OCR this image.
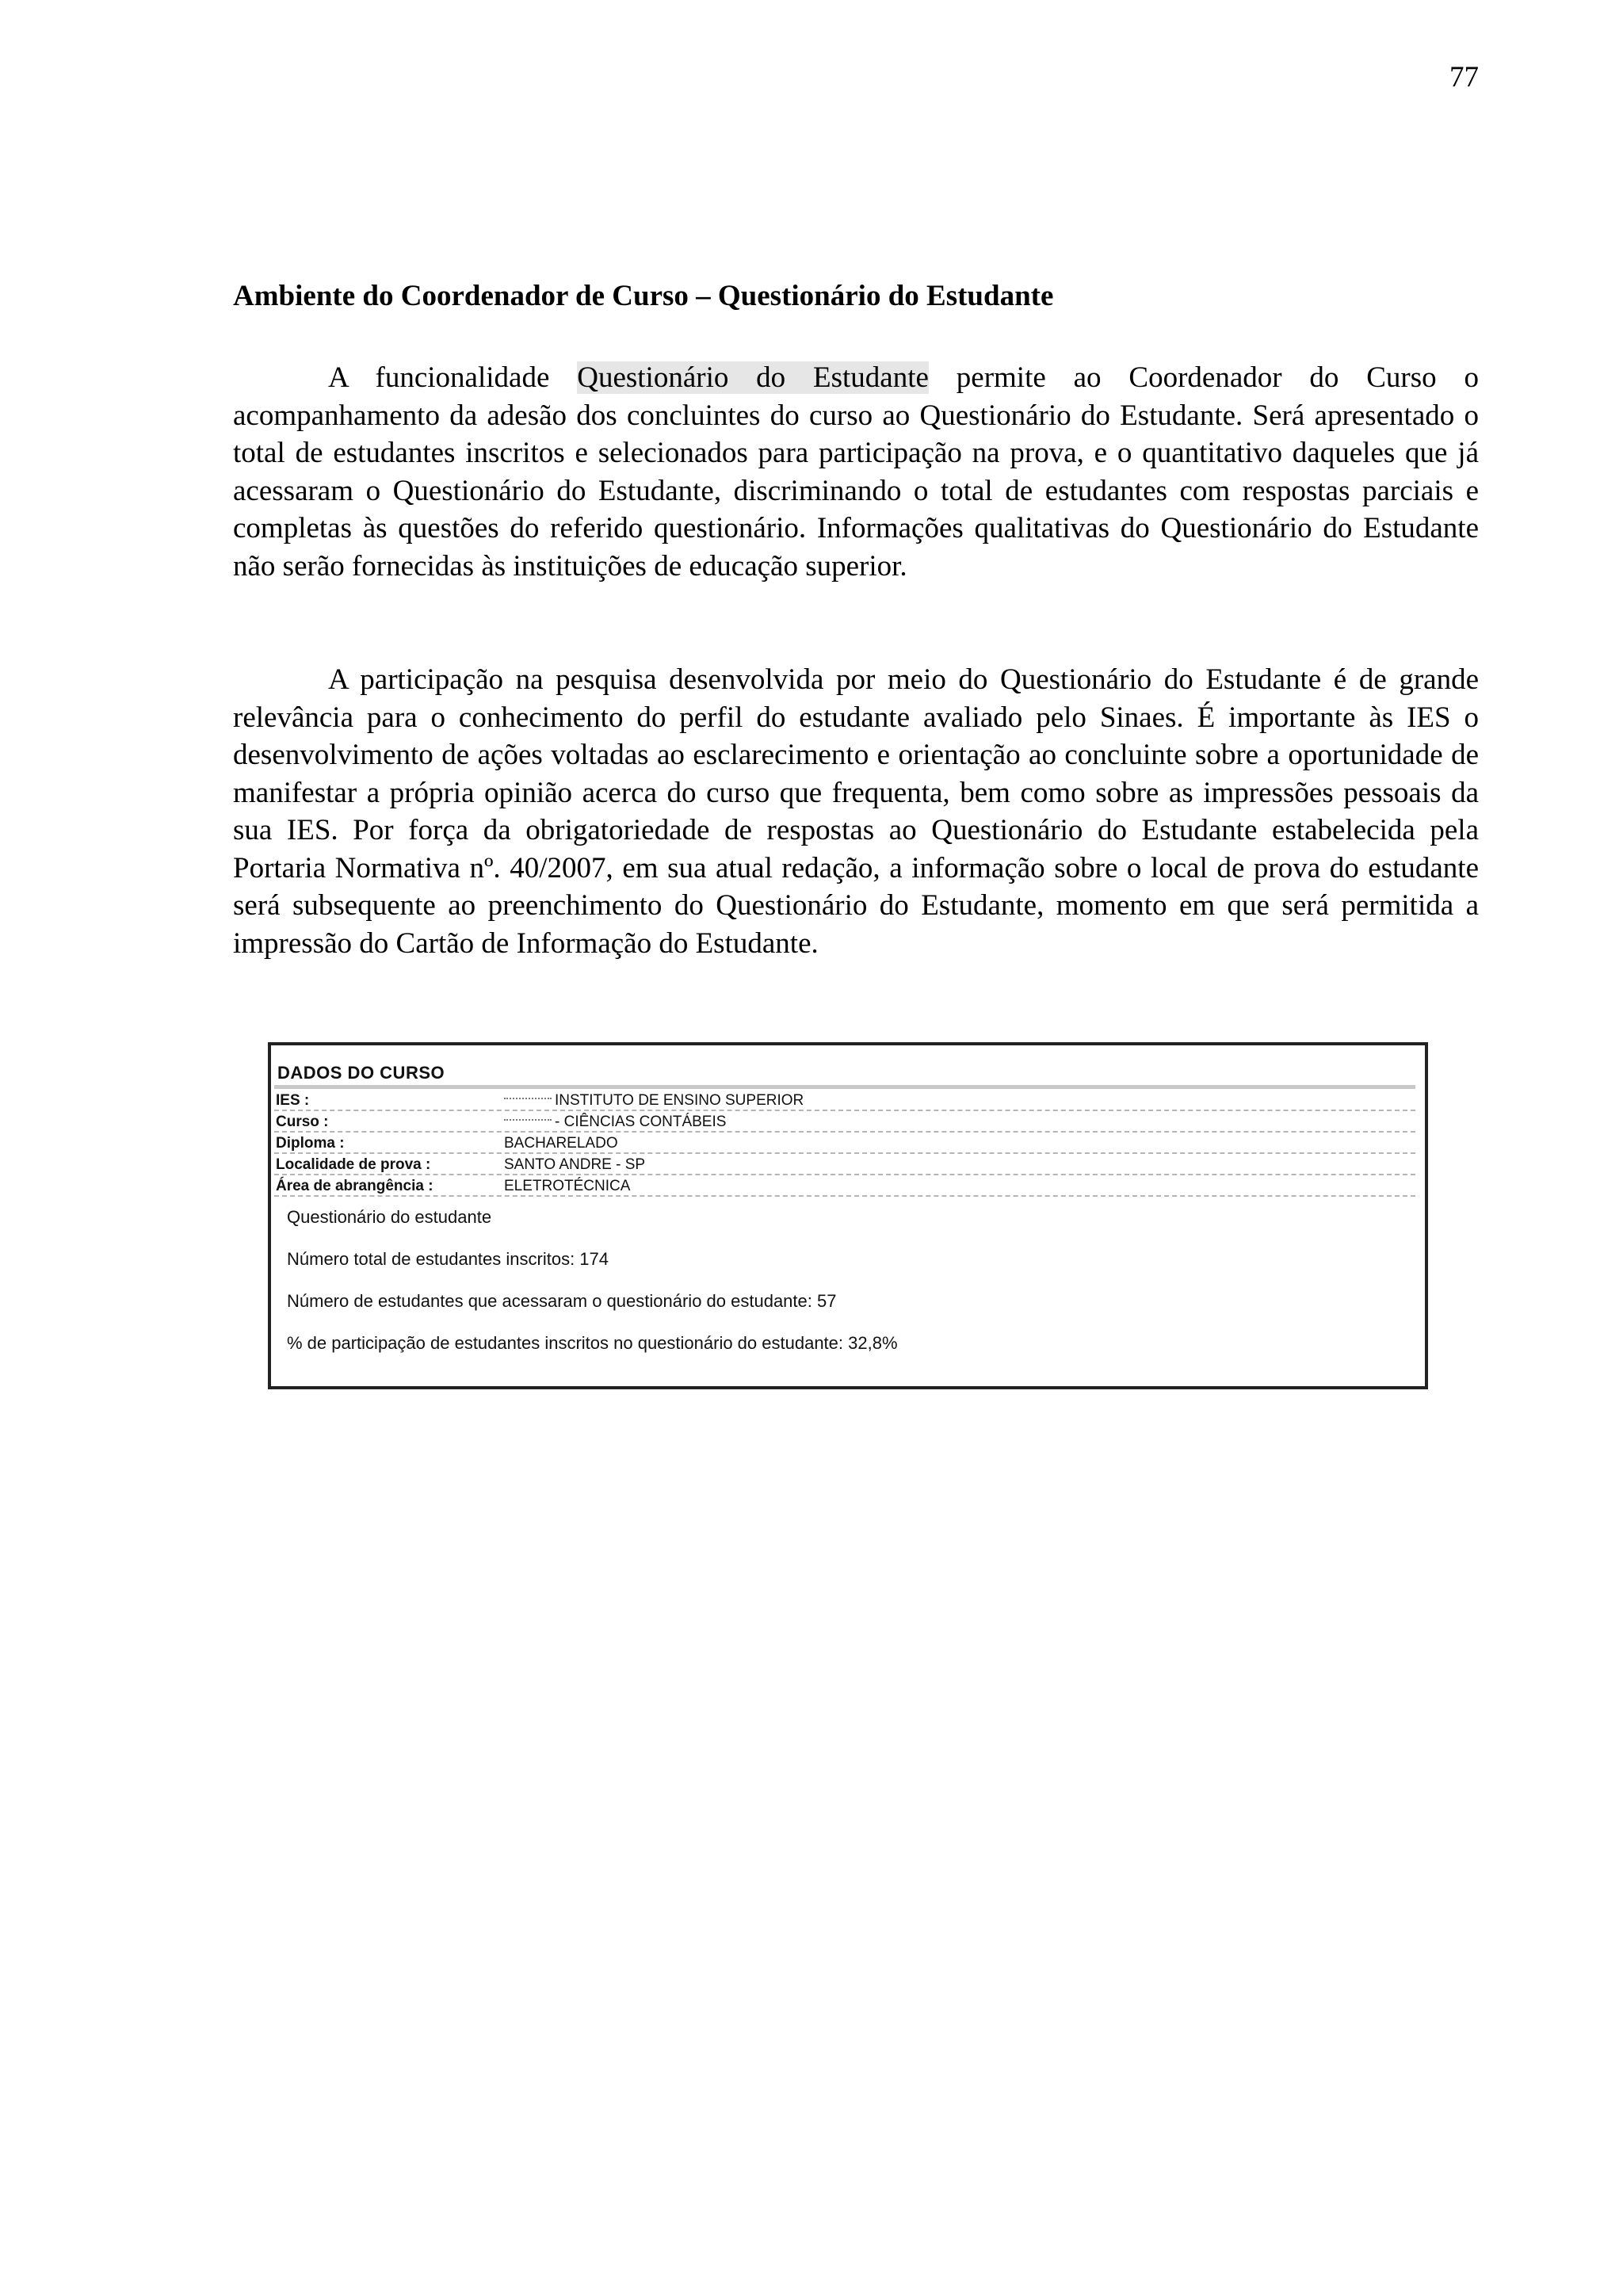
77
Ambiente do Coordenador de Curso – Questionário do Estudante

A funcionalidade Questionário do Estudante permite ao Coordenador do Curso o acompanhamento da adesão dos concluintes do curso ao Questionário do Estudante. Será apresentado o total de estudantes inscritos e selecionados para participação na prova, e o quantitativo daqueles que já acessaram o Questionário do Estudante, discriminando o total de estudantes com respostas parciais e completas às questões do referido questionário. Informações qualitativas do Questionário do Estudante não serão fornecidas às instituições de educação superior.

A participação na pesquisa desenvolvida por meio do Questionário do Estudante é de grande relevância para o conhecimento do perfil do estudante avaliado pelo Sinaes. É importante às IES o desenvolvimento de ações voltadas ao esclarecimento e orientação ao concluinte sobre a oportunidade de manifestar a própria opinião acerca do curso que frequenta, bem como sobre as impressões pessoais da sua IES. Por força da obrigatoriedade de respostas ao Questionário do Estudante estabelecida pela Portaria Normativa nº. 40/2007, em sua atual redação, a informação sobre o local de prova do estudante será subsequente ao preenchimento do Questionário do Estudante, momento em que será permitida a impressão do Cartão de Informação do Estudante.

DADOS DO CURSO
IES :	INSTITUTO DE ENSINO SUPERIOR
Curso :	- CIÊNCIAS CONTÁBEIS
Diploma :	BACHARELADO
Localidade de prova :	SANTO ANDRE - SP
Área de abrangência :	ELETROTÉCNICA
Questionário do estudante
Número total de estudantes inscritos: 174
Número de estudantes que acessaram o questionário do estudante: 57
% de participação de estudantes inscritos no questionário do estudante: 32,8%
